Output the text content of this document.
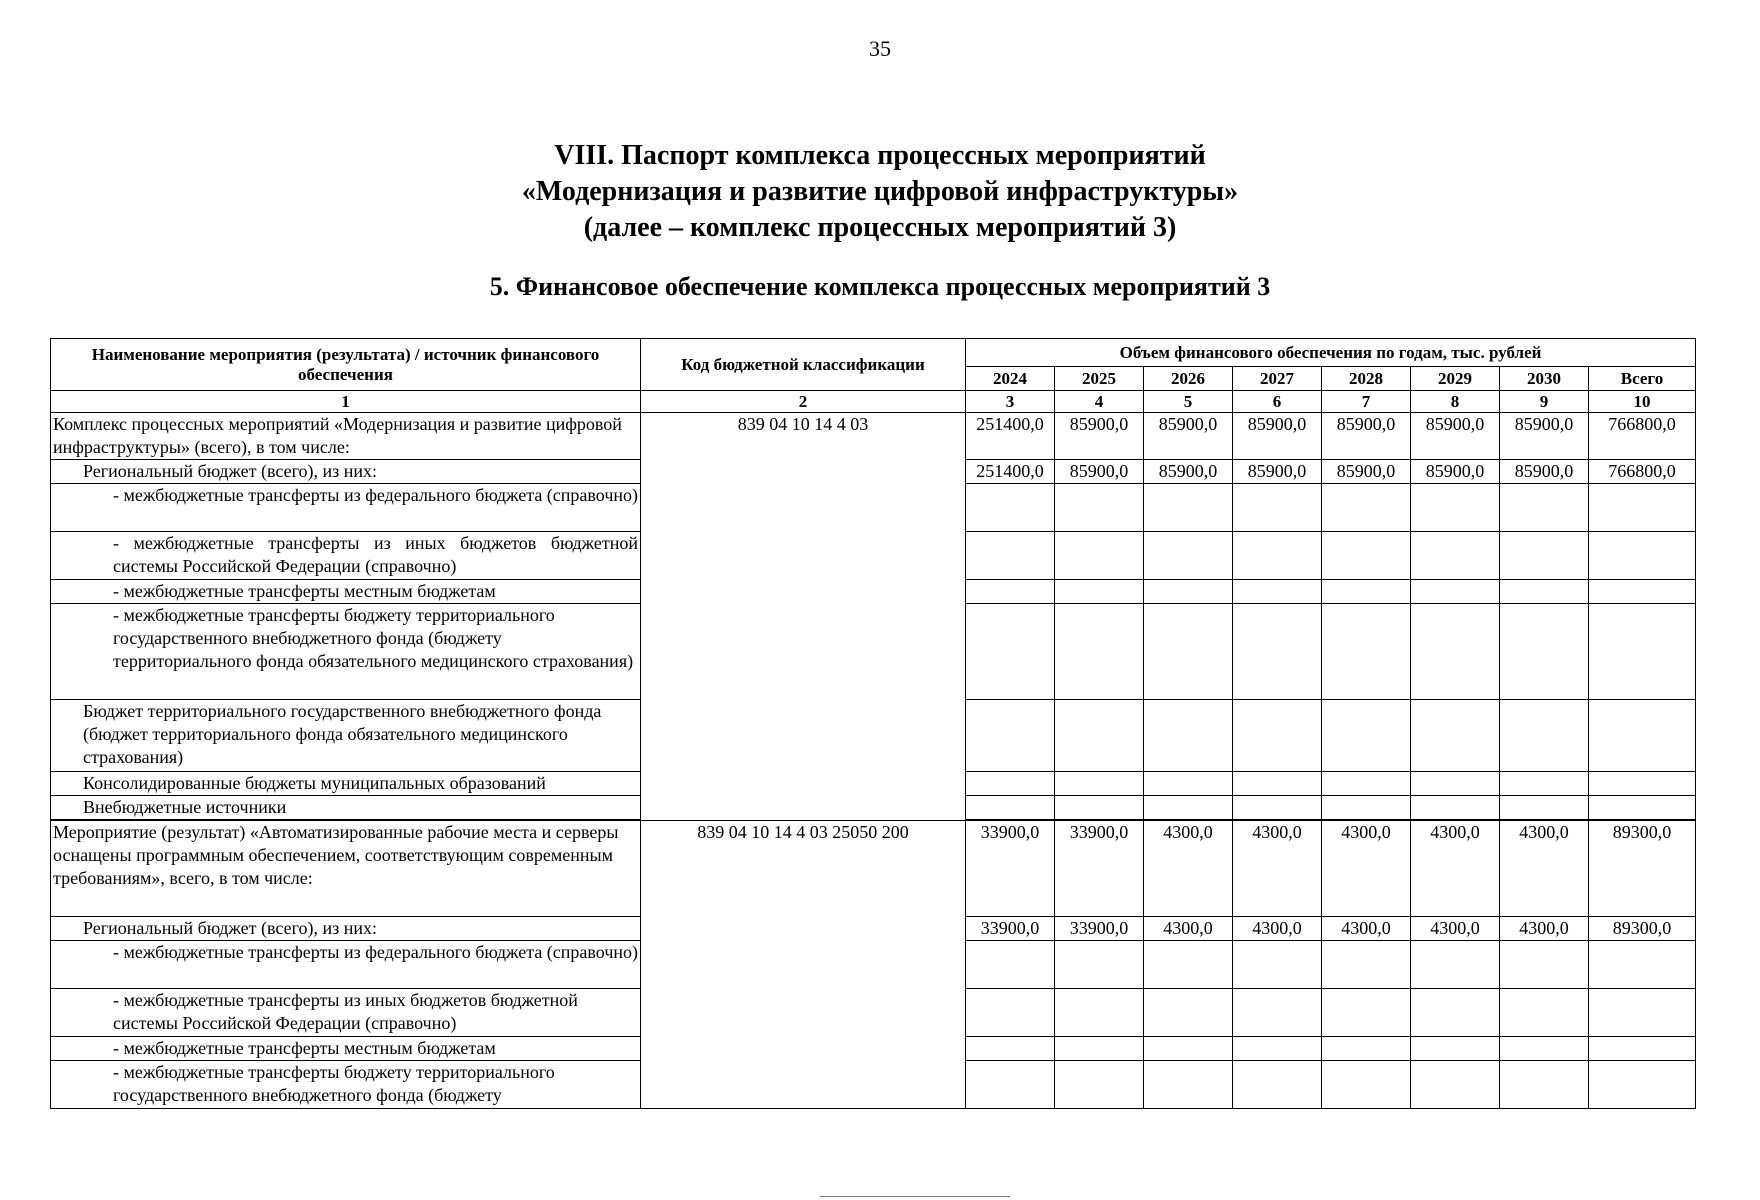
35
VIII. Паспорт комплекса процессных мероприятий
«Модернизация и развитие цифровой инфраструктуры»
(далее – комплекс процессных мероприятий 3)
5. Финансовое обеспечение комплекса процессных мероприятий 3
Наименование мероприятия (результата) / источник финансового обеспечения	Код бюджетной классификации	Объем финансового обеспечения по годам, тыс. рублей							
		2024	2025	2026	2027	2028	2029	2030	Всего
1	2	3	4	5	6	7	8	9	10
Комплекс процессных мероприятий «Модернизация и развитие цифровой инфраструктуры» (всего), в том числе:	839 04 10 14 4 03	251400,0	85900,0	85900,0	85900,0	85900,0	85900,0	85900,0	766800,0
Региональный бюджет (всего), из них:		251400,0	85900,0	85900,0	85900,0	85900,0	85900,0	85900,0	766800,0
- межбюджетные трансферты из федерального бюджета (справочно)									
- межбюджетные трансферты из иных бюджетов бюджетной системы Российской Федерации (справочно)									
- межбюджетные трансферты местным бюджетам									
- межбюджетные трансферты бюджету территориального государственного внебюджетного фонда (бюджету территориального фонда обязательного медицинского страхования)									
Бюджет территориального государственного внебюджетного фонда (бюджет территориального фонда обязательного медицинского страхования)									
Консолидированные бюджеты муниципальных образований									
Внебюджетные источники									

Мероприятие (результат) «Автоматизированные рабочие места и серверы оснащены программным обеспечением, соответствующим современным требованиям», всего, в том числе:	839 04 10 14 4 03 25050 200	33900,0	33900,0	4300,0	4300,0	4300,0	4300,0	4300,0	89300,0
Региональный бюджет (всего), из них:		33900,0	33900,0	4300,0	4300,0	4300,0	4300,0	4300,0	89300,0
- межбюджетные трансферты из федерального бюджета (справочно)									
- межбюджетные трансферты из иных бюджетов бюджетной системы Российской Федерации (справочно)									
- межбюджетные трансферты местным бюджетам									
- межбюджетные трансферты бюджету территориального государственного внебюджетного фонда (бюджету									
